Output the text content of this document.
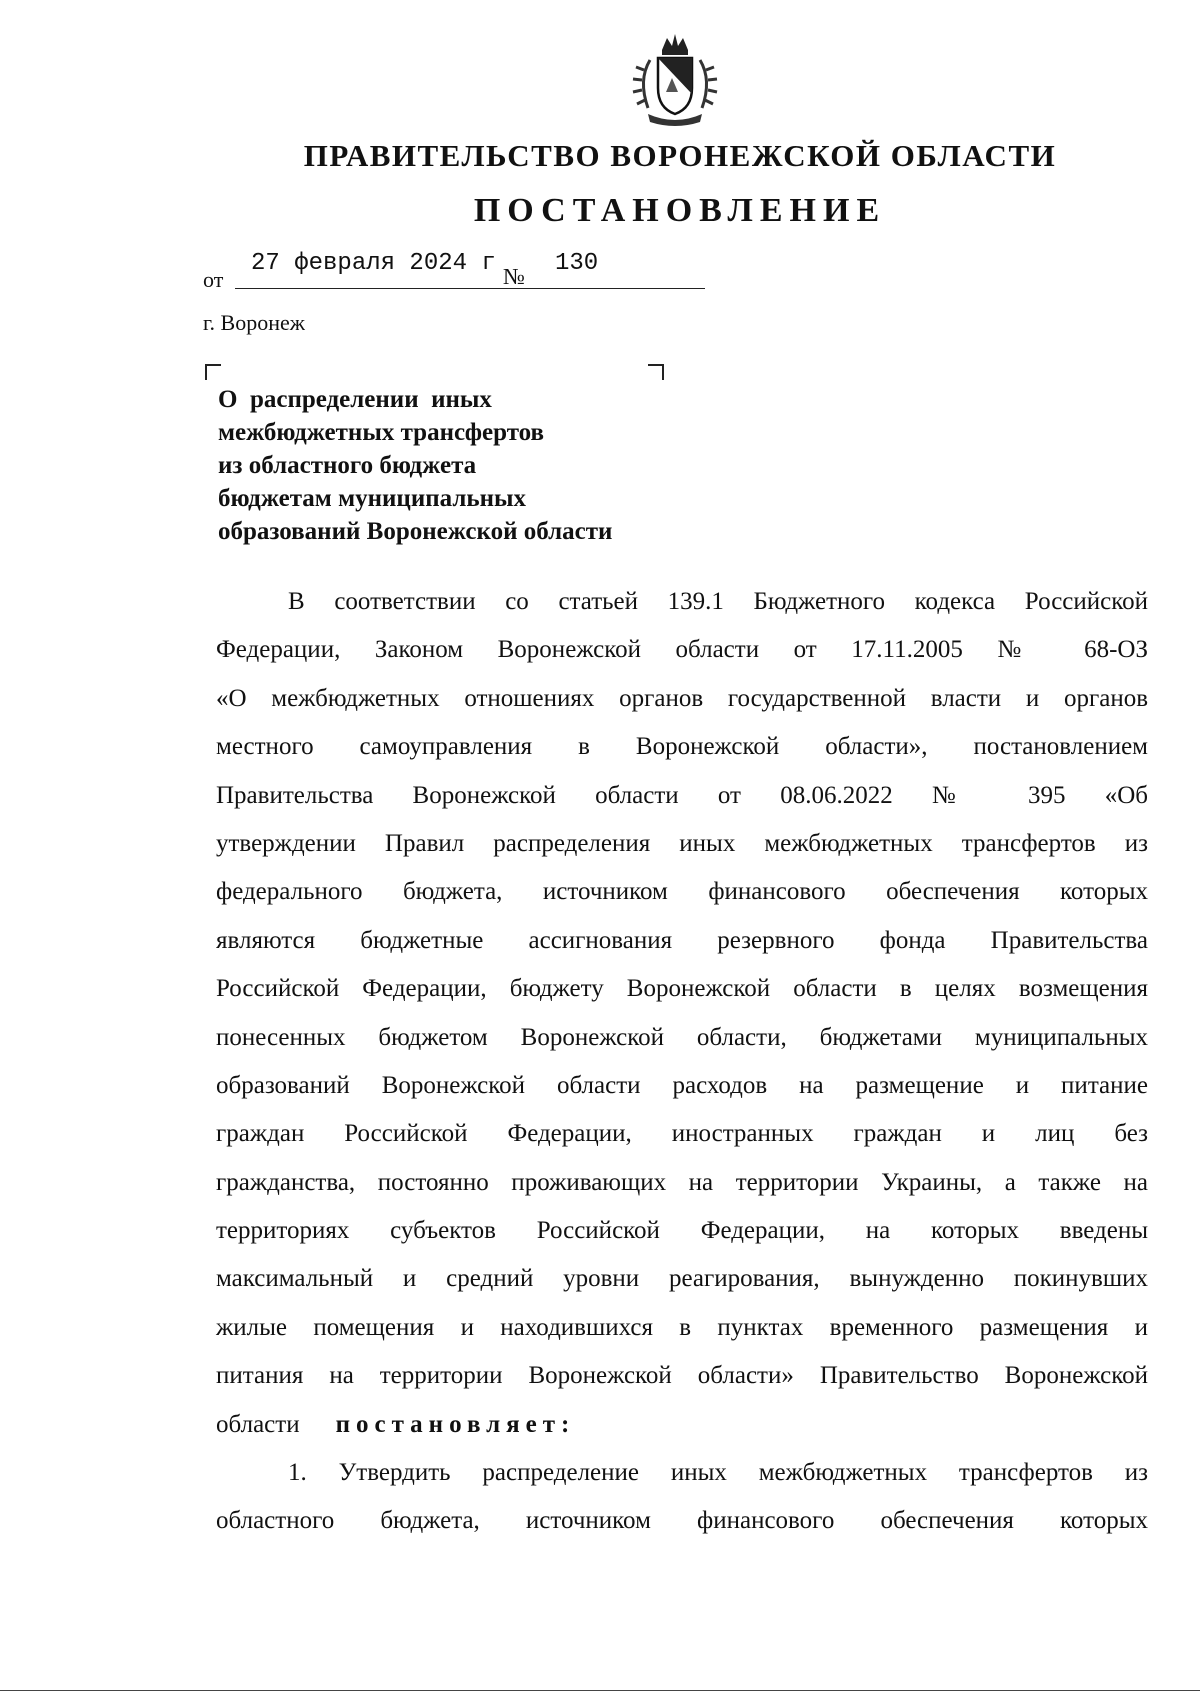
ПРАВИТЕЛЬСТВО ВОРОНЕЖСКОЙ ОБЛАСТИ
ПОСТАНОВЛЕНИЕ
от
27 февраля 2024 г № 130
г. Воронеж
О  распределении  иных
межбюджетных трансфертов
из областного бюджета
бюджетам муниципальных
образований Воронежской области
В соответствии со статьей 139.1 Бюджетного кодекса Российской
Федерации, Законом Воронежской области от 17.11.2005 № 68-ОЗ
«О межбюджетных отношениях органов государственной власти и органов
местного самоуправления в Воронежской области», постановлением
Правительства Воронежской области от 08.06.2022 № 395 «Об
утверждении Правил распределения иных межбюджетных трансфертов из
федерального бюджета, источником финансового обеспечения которых
являются бюджетные ассигнования резервного фонда Правительства
Российской Федерации, бюджету Воронежской области в целях возмещения
понесенных бюджетом Воронежской области, бюджетами муниципальных
образований Воронежской области расходов на размещение и питание
граждан Российской Федерации, иностранных граждан и лиц без
гражданства, постоянно проживающих на территории Украины, а также на
территориях субъектов Российской Федерации, на которых введены
максимальный и средний уровни реагирования, вынужденно покинувших
жилые помещения и находившихся в пунктах временного размещения и
питания на территории Воронежской области» Правительство Воронежской
области постановляет:
1. Утвердить распределение иных межбюджетных трансфертов из
областного бюджета, источником финансового обеспечения которых
